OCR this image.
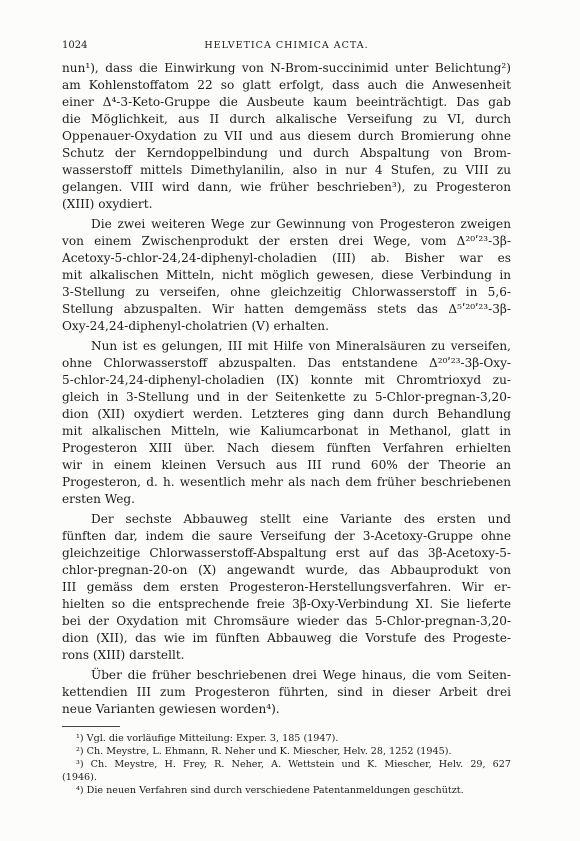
1024	HELVETICA CHIMICA ACTA.
nun¹), dass die Einwirkung von N-Brom-succinimid unter Belichtung²)
am Kohlenstoffatom 22 so glatt erfolgt, dass auch die Anwesenheit
einer Δ⁴-3-Keto-Gruppe die Ausbeute kaum beeinträchtigt. Das gab
die Möglichkeit, aus II durch alkalische Verseifung zu VI, durch
Oppenauer-Oxydation zu VII und aus diesem durch Bromierung ohne
Schutz der Kerndoppelbindung und durch Abspaltung von Brom-
wasserstoff mittels Dimethylanilin, also in nur 4 Stufen, zu VIII zu
gelangen. VIII wird dann, wie früher beschrieben³), zu Progesteron
(XIII) oxydiert.
Die zwei weiteren Wege zur Gewinnung von Progesteron zweigen
von einem Zwischenprodukt der ersten drei Wege, vom Δ²⁰ʹ²³-3β-
Acetoxy-5-chlor-24,24-diphenyl-choladien (III) ab. Bisher war es
mit alkalischen Mitteln, nicht möglich gewesen, diese Verbindung in
3-Stellung zu verseifen, ohne gleichzeitig Chlorwasserstoff in 5,6-
Stellung abzuspalten. Wir hatten demgemäss stets das Δ⁵ʹ²⁰ʹ²³-3β-
Oxy-24,24-diphenyl-cholatrien (V) erhalten.
Nun ist es gelungen, III mit Hilfe von Mineralsäuren zu verseifen,
ohne Chlorwasserstoff abzuspalten. Das entstandene Δ²⁰ʹ²³-3β-Oxy-
5-chlor-24,24-diphenyl-choladien (IX) konnte mit Chromtrioxyd zu-
gleich in 3-Stellung und in der Seitenkette zu 5-Chlor-pregnan-3,20-
dion (XII) oxydiert werden. Letzteres ging dann durch Behandlung
mit alkalischen Mitteln, wie Kaliumcarbonat in Methanol, glatt in
Progesteron XIII über. Nach diesem fünften Verfahren erhielten
wir in einem kleinen Versuch aus III rund 60% der Theorie an
Progesteron, d. h. wesentlich mehr als nach dem früher beschriebenen
ersten Weg.
Der sechste Abbauweg stellt eine Variante des ersten und
fünften dar, indem die saure Verseifung der 3-Acetoxy-Gruppe ohne
gleichzeitige Chlorwasserstoff-Abspaltung erst auf das 3β-Acetoxy-5-
chlor-pregnan-20-on (X) angewandt wurde, das Abbauprodukt von
III gemäss dem ersten Progesteron-Herstellungsverfahren. Wir er-
hielten so die entsprechende freie 3β-Oxy-Verbindung XI. Sie lieferte
bei der Oxydation mit Chromsäure wieder das 5-Chlor-pregnan-3,20-
dion (XII), das wie im fünften Abbauweg die Vorstufe des Progeste-
rons (XIII) darstellt.
Über die früher beschriebenen drei Wege hinaus, die vom Seiten-
kettendien III zum Progesteron führten, sind in dieser Arbeit drei
neue Varianten gewiesen worden⁴).
¹) Vgl. die vorläufige Mitteilung: Exper. 3, 185 (1947).
²) Ch. Meystre, L. Ehmann, R. Neher und K. Miescher, Helv. 28, 1252 (1945).
³) Ch. Meystre, H. Frey, R. Neher, A. Wettstein und K. Miescher, Helv. 29, 627
(1946).
⁴) Die neuen Verfahren sind durch verschiedene Patentanmeldungen geschützt.
